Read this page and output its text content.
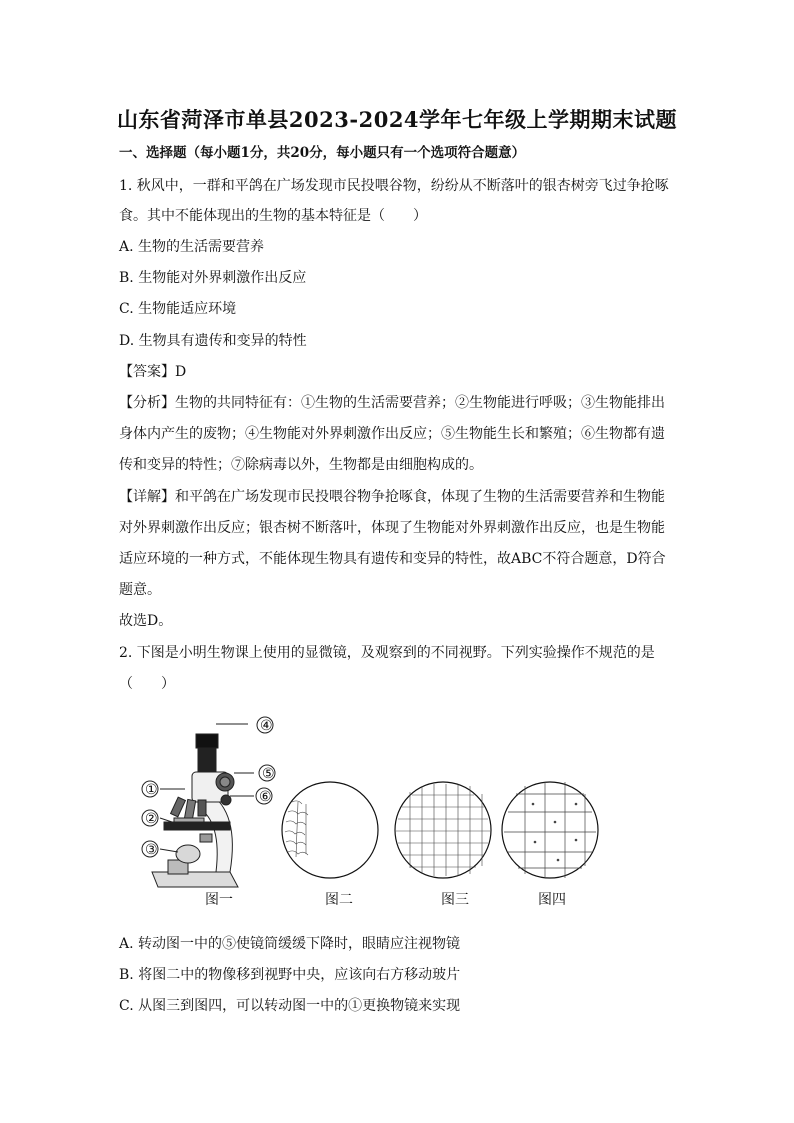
山东省菏泽市单县2023-2024学年七年级上学期期末试题
一、选择题（每小题1分，共20分，每小题只有一个选项符合题意）
1. 秋风中，一群和平鸽在广场发现市民投喂谷物，纷纷从不断落叶的银杏树旁飞过争抢啄
食。其中不能体现出的生物的基本特征是（　　）
A. 生物的生活需要营养
B. 生物能对外界刺激作出反应
C. 生物能适应环境
D. 生物具有遗传和变异的特性
【答案】D
【分析】生物的共同特征有：①生物的生活需要营养；②生物能进行呼吸；③生物能排出
身体内产生的废物；④生物能对外界刺激作出反应；⑤生物能生长和繁殖；⑥生物都有遗
传和变异的特性；⑦除病毒以外，生物都是由细胞构成的。
【详解】和平鸽在广场发现市民投喂谷物争抢啄食，体现了生物的生活需要营养和生物能
对外界刺激作出反应；银杏树不断落叶，体现了生物能对外界刺激作出反应，也是生物能
适应环境的一种方式，不能体现生物具有遗传和变异的特性，故ABC不符合题意，D符合
题意。
故选D。
2. 下图是小明生物课上使用的显微镜，及观察到的不同视野。下列实验操作不规范的是
（　　）
④
⑤
⑥
①
②
③
图一	图二	图三	图四
A. 转动图一中的⑤使镜筒缓缓下降时，眼睛应注视物镜
B. 将图二中的物像移到视野中央，应该向右方移动玻片
C. 从图三到图四，可以转动图一中的①更换物镜来实现
